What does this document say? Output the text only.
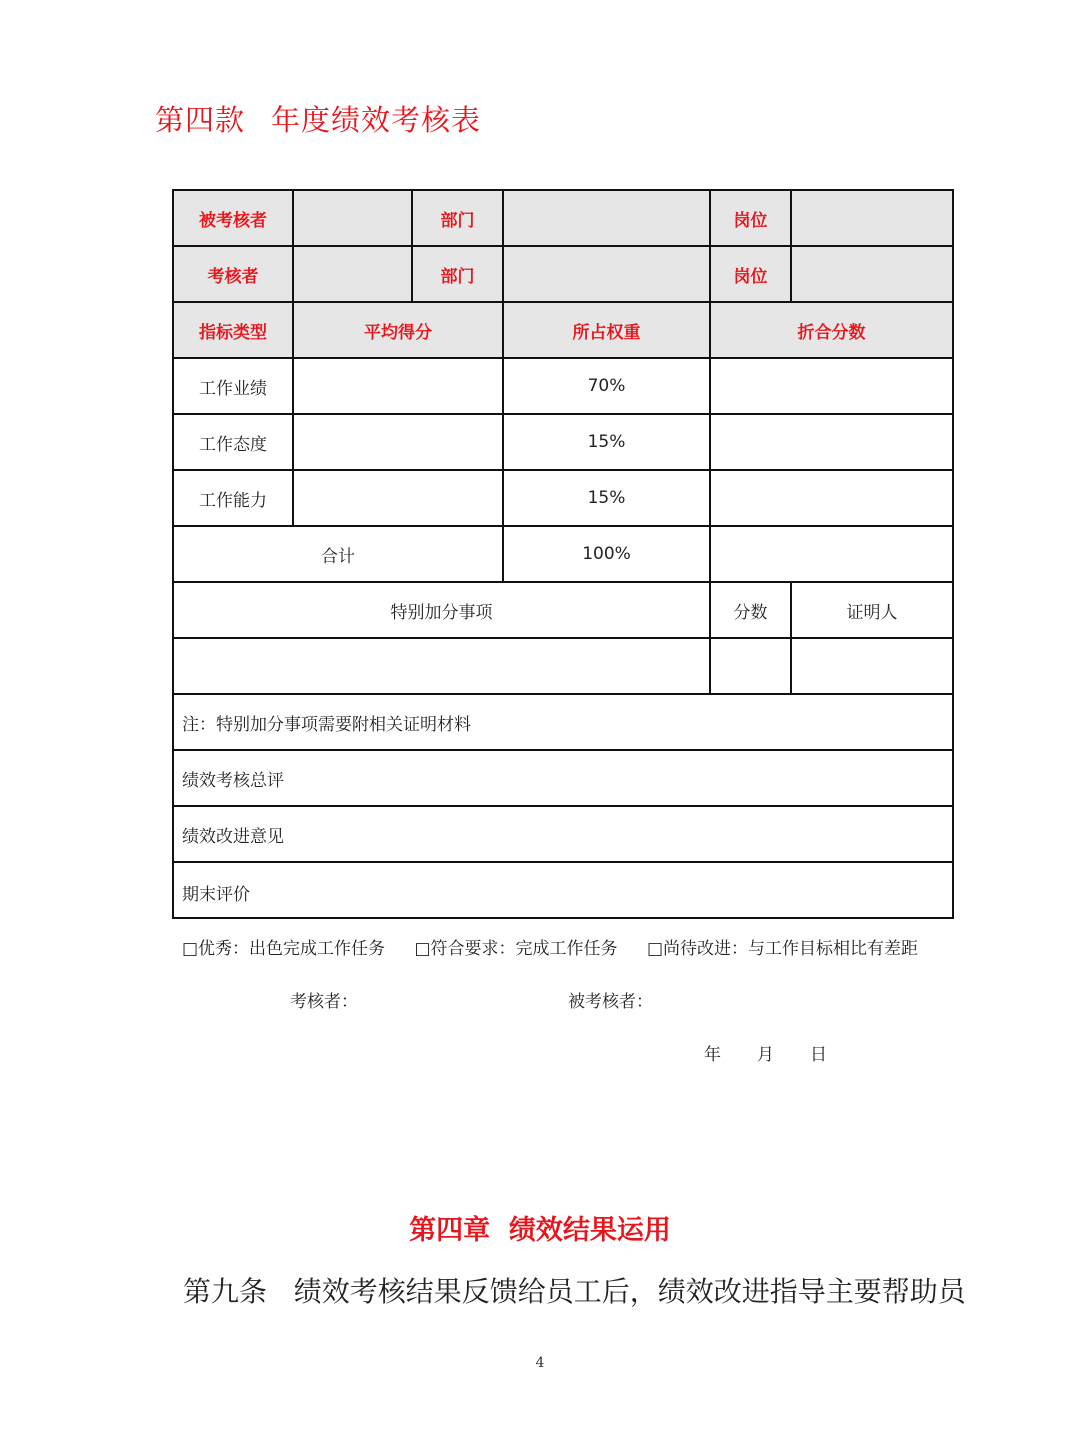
第四款 年度绩效考核表
被考核者		部门		岗位	
考核者		部门		岗位	
指标类型	平均得分		所占权重	折合分数	
工作业绩			70%		
工作态度			15%		
工作能力			15%		
合计			100%		
特别加分事项				分数	证明人

注：特别加分事项需要附相关证明材料					
绩效考核总评					
绩效改进意见					

期末评价
□优秀：出色完成工作任务 □符合要求：完成工作任务 □尚待改进：与工作目标相比有差距
考核者： 被考核者：
年 月 日					
第四章  绩效结果运用
第九条   绩效考核结果反馈给员工后，绩效改进指导主要帮助员
4
